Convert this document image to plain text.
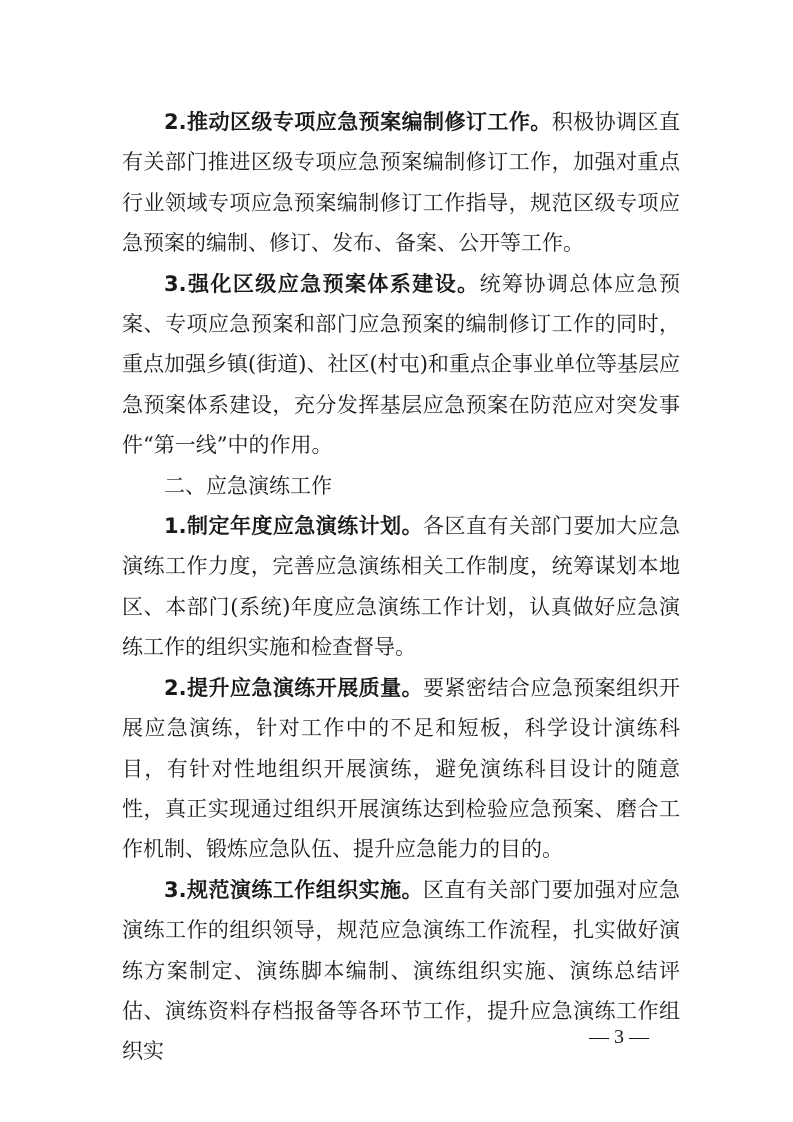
2.推动区级专项应急预案编制修订工作。积极协调区直有关部门推进区级专项应急预案编制修订工作，加强对重点行业领域专项应急预案编制修订工作指导，规范区级专项应急预案的编制、修订、发布、备案、公开等工作。

3.强化区级应急预案体系建设。统筹协调总体应急预案、专项应急预案和部门应急预案的编制修订工作的同时，重点加强乡镇(街道)、社区(村屯)和重点企事业单位等基层应急预案体系建设，充分发挥基层应急预案在防范应对突发事件“第一线”中的作用。

二、应急演练工作

1.制定年度应急演练计划。各区直有关部门要加大应急演练工作力度，完善应急演练相关工作制度，统筹谋划本地区、本部门(系统)年度应急演练工作计划，认真做好应急演练工作的组织实施和检查督导。

2.提升应急演练开展质量。要紧密结合应急预案组织开展应急演练，针对工作中的不足和短板，科学设计演练科目，有针对性地组织开展演练，避免演练科目设计的随意性，真正实现通过组织开展演练达到检验应急预案、磨合工作机制、锻炼应急队伍、提升应急能力的目的。

3.规范演练工作组织实施。区直有关部门要加强对应急演练工作的组织领导，规范应急演练工作流程，扎实做好演练方案制定、演练脚本编制、演练组织实施、演练总结评估、演练资料存档报备等各环节工作，提升应急演练工作组织实

— 3 —
